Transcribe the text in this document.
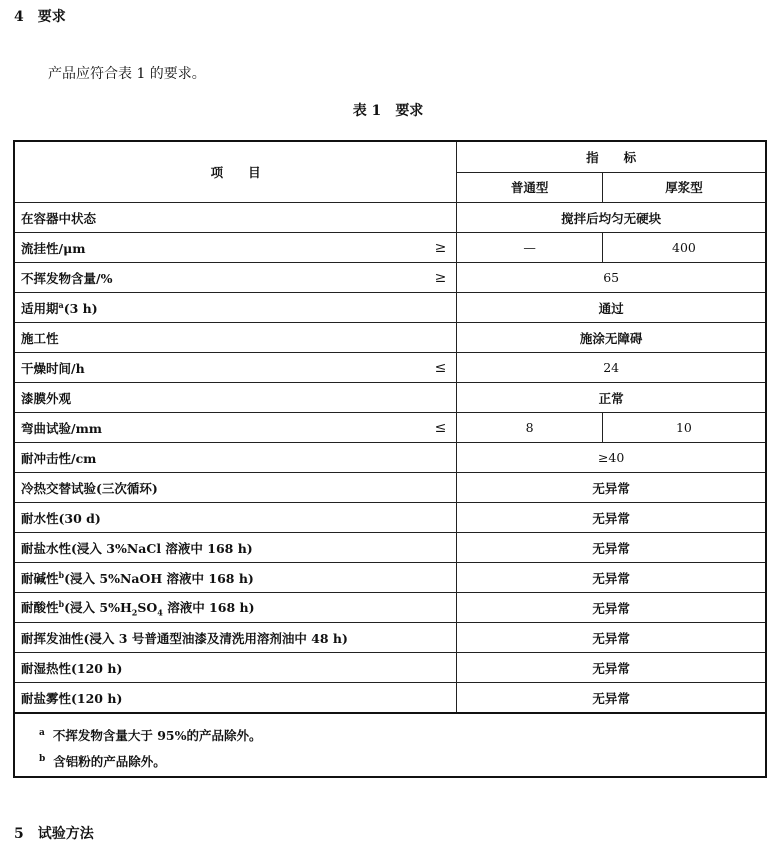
4 要求
产品应符合表 1 的要求。
表 1 要求
项　　目	指　　标	
	普通型	厚浆型
在容器中状态	搅拌后均匀无硬块	
流挂性/μm ≥	—	400
不挥发物含量/% ≥	65	
适用期$^a$(3 h)	通过	
施工性	施涂无障碍	
干燥时间/h ≤	24	
漆膜外观	正常	
弯曲试验/mm ≤	8	10
耐冲击性/cm	≥40	
冷热交替试验(三次循环)	无异常	
耐水性(30 d)	无异常	
耐盐水性(浸入 3%NaCl 溶液中 168 h)	无异常	
耐碱性$^b$(浸入 5%NaOH 溶液中 168 h)	无异常	
耐酸性$^b$(浸入 $5\%H_2SO_4$ 溶液中 168 h)	无异常	
耐挥发油性(浸入 3 号普通型油漆及清洗用溶剂油中 48 h)	无异常	
耐湿热性(120 h)	无异常	
耐盐雾性(120 h)	无异常	

$^a$ 不挥发物含量大于 95%的产品除外。
$^b$ 含铝粉的产品除外。		
5 试验方法
